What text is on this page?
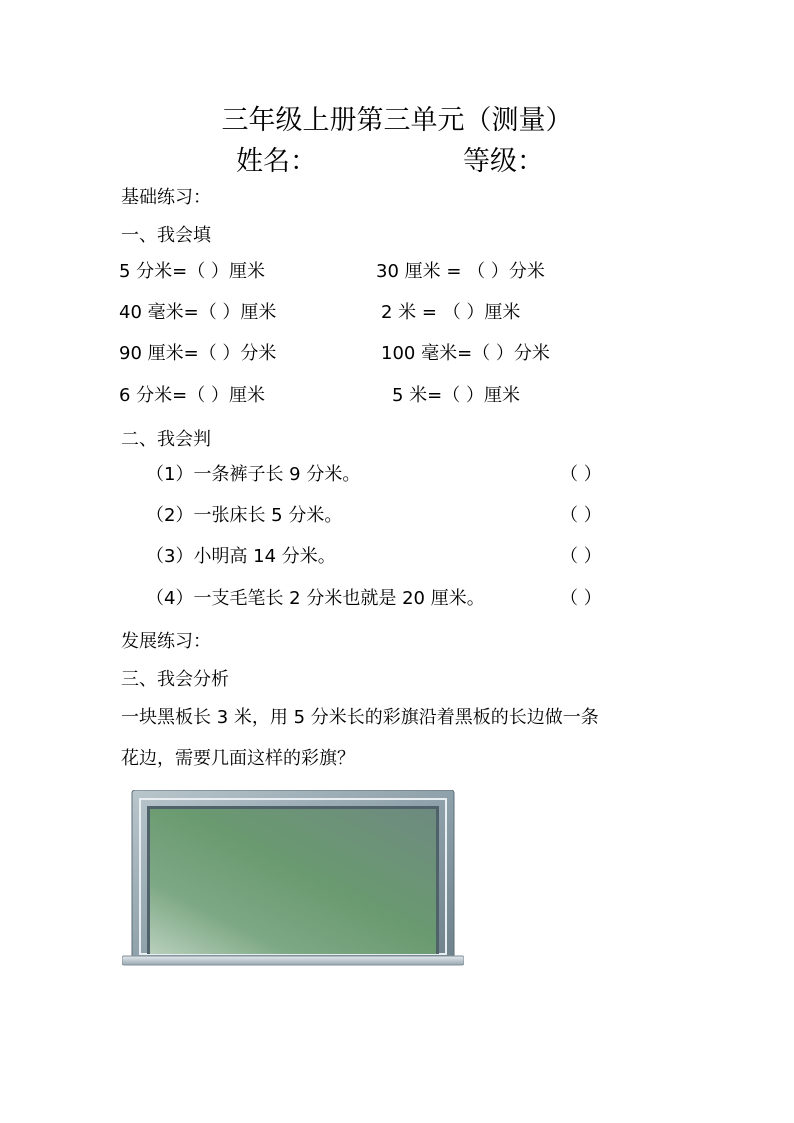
三年级上册第三单元（测量）
姓名：	等级：
基础练习：
一、我会填
5 分米=（ ）厘米	30 厘米 = （ ）分米
40 毫米=（ ）厘米	2 米 = （ ）厘米
90 厘米=（ ）分米	100 毫米=（ ）分米
6 分米=（ ）厘米	5 米=（ ）厘米
二、我会判
（1）一条裤子长 9 分米。	（ ）
（2）一张床长 5 分米。	（ ）
（3）小明高 14 分米。	（ ）
（4）一支毛笔长 2 分米也就是 20 厘米。	（ ）
发展练习：
三、我会分析
一块黑板长 3 米，用 5 分米长的彩旗沿着黑板的长边做一条
花边，需要几面这样的彩旗？
